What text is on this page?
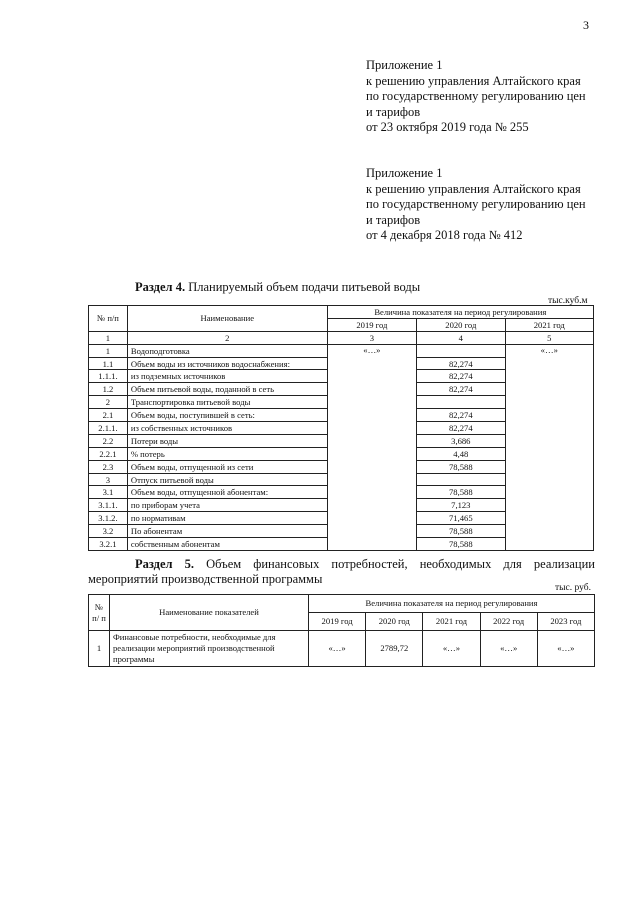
3
Приложение 1
к решению управления Алтайского края
по государственному регулированию цен
и тарифов
от 23 октября 2019 года № 255
Приложение 1
к решению управления Алтайского края
по государственному регулированию цен
и тарифов
от 4 декабря 2018 года № 412
Раздел 4. Планируемый объем подачи питьевой воды
тыс.куб.м
№ п/п	Наименование	Величина показателя на период регулирования		
		2019 год	2020 год	2021 год
1	2	3	4	5
1	Водоподготовка	«…»		«…»
1.1	Объем воды из источников водоснабжения:		82,274	
1.1.1.	из подземных источников		82,274	
1.2	Объем питьевой воды, поданной в сеть		82,274	
2	Транспортировка питьевой воды			
2.1	Объем воды, поступившей в сеть:		82,274	
2.1.1.	из собственных источников		82,274	
2.2	Потери воды		3,686	
2.2.1	% потерь		4,48	
2.3	Объем воды, отпущенной из сети		78,588	
3	Отпуск питьевой воды			
3.1	Объем воды, отпущенной абонентам:		78,588	
3.1.1.	по приборам учета		7,123	
3.1.2.	по нормативам		71,465	
3.2	По абонентам		78,588	
3.2.1	собственным абонентам		78,588	
Раздел 5. Объем финансовых потребностей, необходимых для реализации
мероприятий производственной программы
тыс. руб.
№ п/ п	Наименование показателей	Величина показателя на период регулирования				
		2019 год	2020 год	2021 год	2022 год	2023 год
1	Финансовые потребности, необходимые для реализации мероприятий производственной программы	«…»	2789,72	«…»	«…»	«…»
